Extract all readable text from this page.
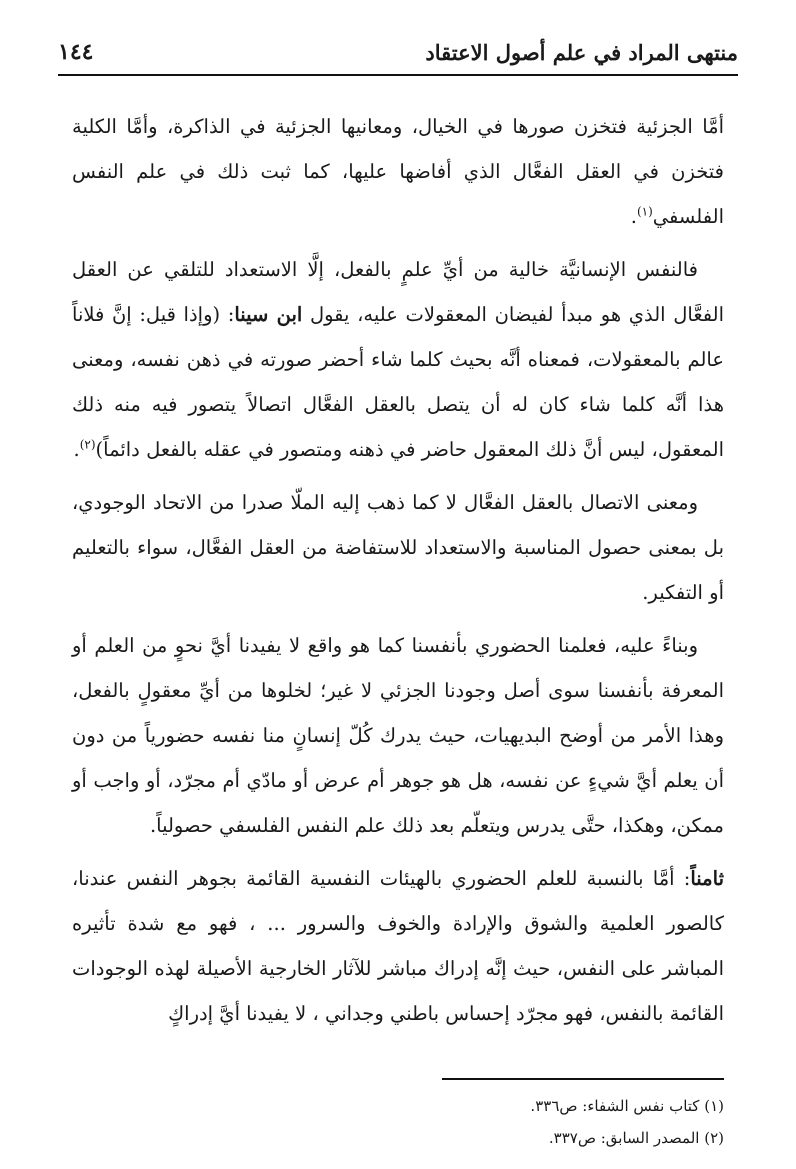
منتهى المراد في علم أصول الاعتقاد
١٤٤

أمَّا الجزئية فتخزن صورها في الخيال، ومعانيها الجزئية في الذاكرة، وأمَّا الكلية فتخزن في العقل الفعَّال الذي أفاضها عليها، كما ثبت ذلك في علم النفس الفلسفي$^{(١)}$.

فالنفس الإنسانيَّة خالية من أيِّ علمٍ بالفعل، إلَّا الاستعداد للتلقي عن العقل الفعَّال الذي هو مبدأ لفيضان المعقولات عليه، يقول ابن سينا: (وإذا قيل: إنَّ فلاناً عالم بالمعقولات، فمعناه أنَّه بحيث كلما شاء أحضر صورته في ذهن نفسه، ومعنى هذا أنَّه كلما شاء كان له أن يتصل بالعقل الفعَّال اتصالاً يتصور فيه منه ذلك المعقول، ليس أنَّ ذلك المعقول حاضر في ذهنه ومتصور في عقله بالفعل دائماً)$^{(٢)}$.

ومعنى الاتصال بالعقل الفعَّال لا كما ذهب إليه الملّا صدرا من الاتحاد الوجودي، بل بمعنى حصول المناسبة والاستعداد للاستفاضة من العقل الفعَّال، سواء بالتعليم أو التفكير.

وبناءً عليه، فعلمنا الحضوري بأنفسنا كما هو واقع لا يفيدنا أيَّ نحوٍ من العلم أو المعرفة بأنفسنا سوى أصل وجودنا الجزئي لا غير؛ لخلوها من أيِّ معقولٍ بالفعل، وهذا الأمر من أوضح البديهيات، حيث يدرك كُلّ إنسانٍ منا نفسه حضورياً من دون أن يعلم أيَّ شيءٍ عن نفسه، هل هو جوهر أم عرض أو مادّي أم مجرّد، أو واجب أو ممكن، وهكذا، حتَّى يدرس ويتعلّم بعد ذلك علم النفس الفلسفي حصولياً.

ثامناً: أمَّا بالنسبة للعلم الحضوري بالهيئات النفسية القائمة بجوهر النفس عندنا، كالصور العلمية والشوق والإرادة والخوف والسرور ... ، فهو مع شدة تأثيره المباشر على النفس، حيث إنَّه إدراك مباشر للآثار الخارجية الأصيلة لهذه الوجودات القائمة بالنفس، فهو مجرّد إحساس باطني وجداني ، لا يفيدنا أيَّ إدراكٍ

(١) كتاب نفس الشفاء: ص٣٣٦.
(٢) المصدر السابق: ص٣٣٧.
